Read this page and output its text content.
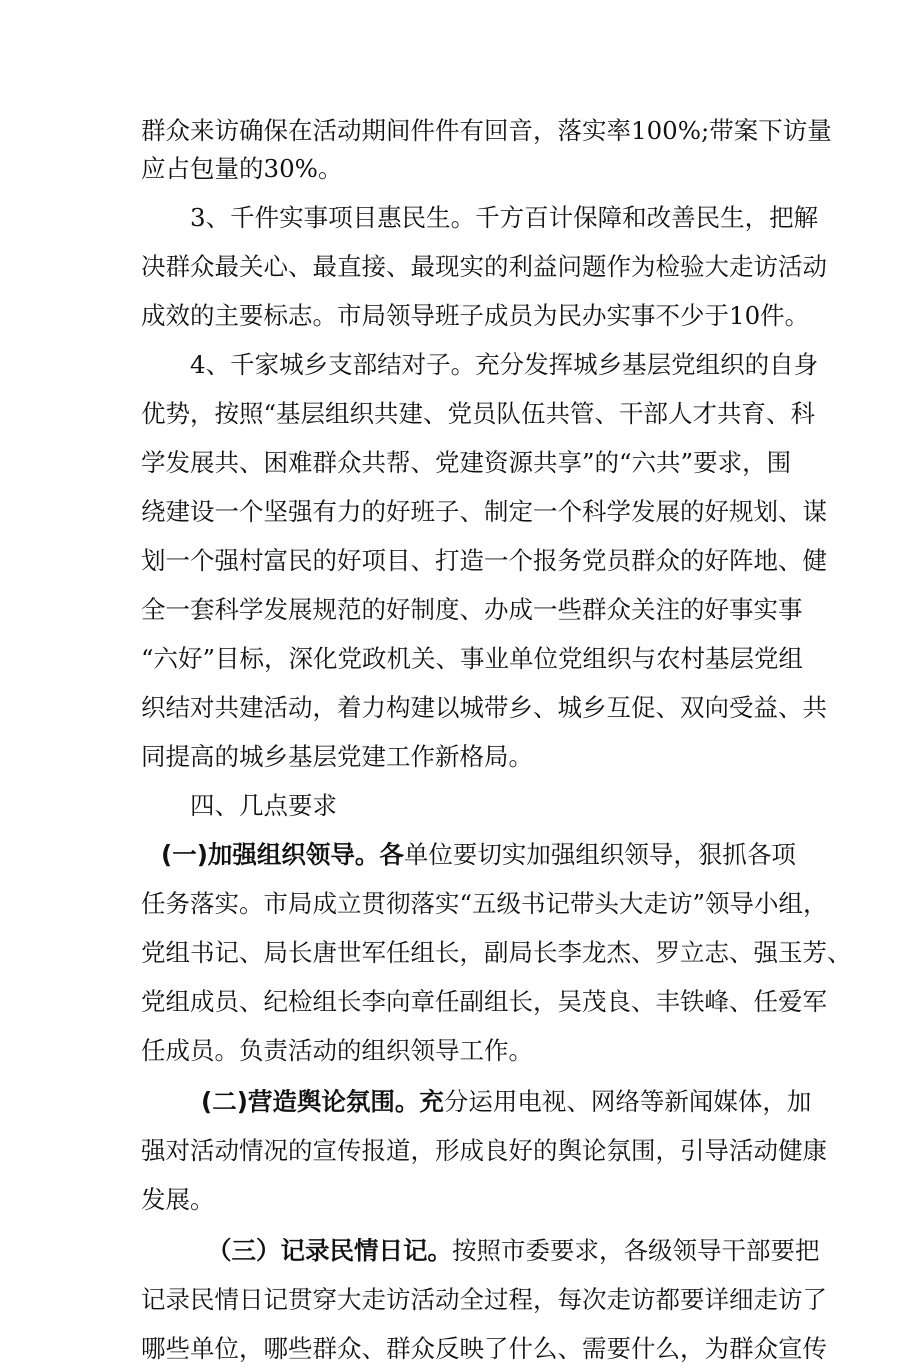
群众来访确保在活动期间件件有回音，落实率100%;带案下访量

应占包量的30%。

3、千件实事项目惠民生。千方百计保障和改善民生，把解

决群众最关心、最直接、最现实的利益问题作为检验大走访活动

成效的主要标志。市局领导班子成员为民办实事不少于10件。

4、千家城乡支部结对子。充分发挥城乡基层党组织的自身

优势，按照“基层组织共建、党员队伍共管、干部人才共育、科

学发展共、困难群众共帮、党建资源共享”的“六共”要求，围

绕建设一个坚强有力的好班子、制定一个科学发展的好规划、谋

划一个强村富民的好项目、打造一个报务党员群众的好阵地、健

全一套科学发展规范的好制度、办成一些群众关注的好事实事

“六好”目标，深化党政机关、事业单位党组织与农村基层党组

织结对共建活动，着力构建以城带乡、城乡互促、双向受益、共

同提高的城乡基层党建工作新格局。

四、几点要求

(一)加强组织领导。各单位要切实加强组织领导，狠抓各项

任务落实。市局成立贯彻落实“五级书记带头大走访”领导小组，

党组书记、局长唐世军任组长，副局长李龙杰、罗立志、强玉芳、

党组成员、纪检组长李向章任副组长，吴茂良、丰铁峰、任爱军

任成员。负责活动的组织领导工作。

(二)营造舆论氛围。充分运用电视、网络等新闻媒体，加

强对活动情况的宣传报道，形成良好的舆论氛围，引导活动健康

发展。

（三）记录民情日记。按照市委要求，各级领导干部要把

记录民情日记贯穿大走访活动全过程，每次走访都要详细走访了

哪些单位，哪些群众、群众反映了什么、需要什么，为群众宣传
